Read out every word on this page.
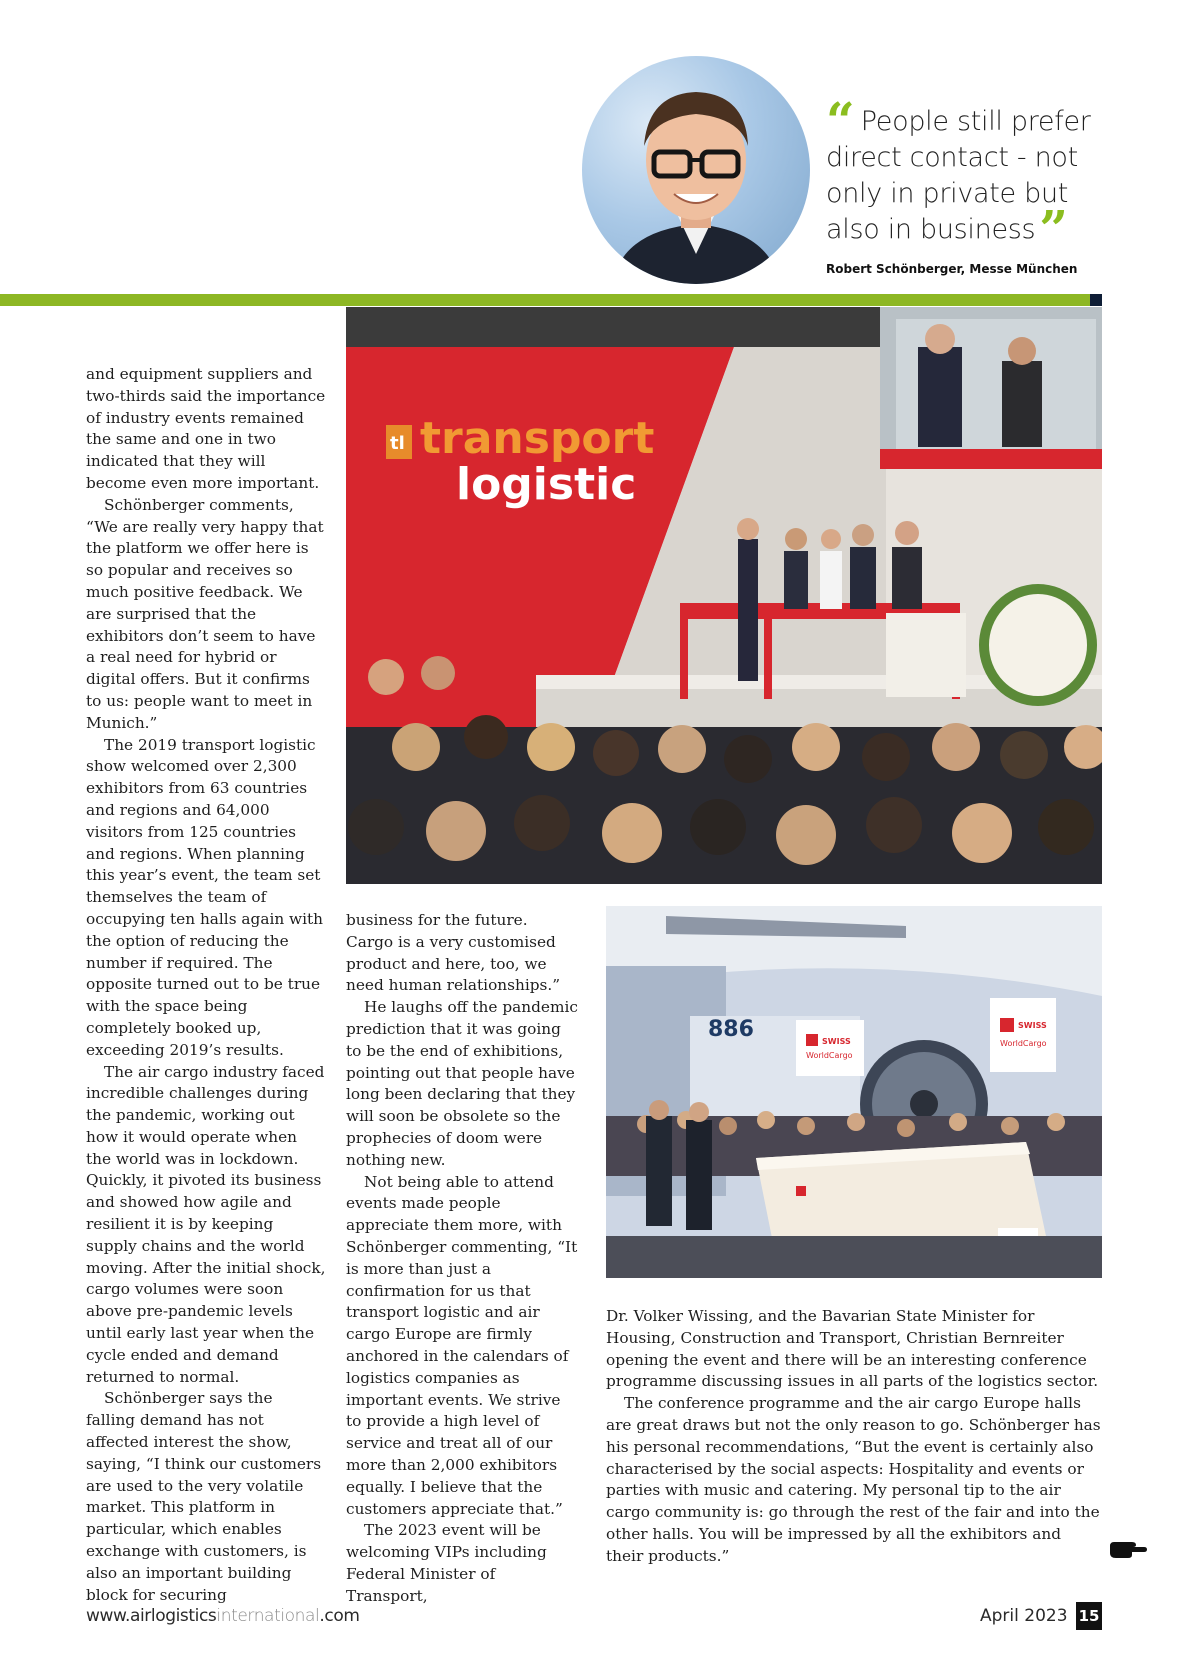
“ People still prefer direct contact - not only in private but also in business”
Robert Schönberger, Messe München
transport
logistic
tl
886	SWISS
WorldCargo
SWISS
WorldCargo

and equipment suppliers and two-thirds said the importance of industry events remained the same and one in two indicated that they will become even more important.

Schönberger comments, “We are really very happy that the platform we offer here is so popular and receives so much positive feedback. We are surprised that the exhibitors don’t seem to have a real need for hybrid or digital offers. But it confirms to us: people want to meet in Munich.”

The 2019 transport logistic show welcomed over 2,300 exhibitors from 63 countries and regions and 64,000 visitors from 125 countries and regions. When planning this year’s event, the team set themselves the team of occupying ten halls again with the option of reducing the number if required. The opposite turned out to be true with the space being completely booked up, exceeding 2019’s results.

The air cargo industry faced incredible challenges during the pandemic, working out how it would operate when the world was in lockdown. Quickly, it pivoted its business and showed how agile and resilient it is by keeping supply chains and the world moving. After the initial shock, cargo volumes were soon above pre-pandemic levels until early last year when the cycle ended and demand returned to normal.

Schönberger says the falling demand has not affected interest the show, saying, “I think our customers are used to the very volatile market. This platform in particular, which enables exchange with customers, is also an important building block for securing

business for the future. Cargo is a very customised product and here, too, we need human relationships.”

He laughs off the pandemic prediction that it was going to be the end of exhibitions, pointing out that people have long been declaring that they will soon be obsolete so the prophecies of doom were nothing new.

Not being able to attend events made people appreciate them more, with Schönberger commenting, “It is more than just a confirmation for us that transport logistic and air cargo Europe are firmly anchored in the calendars of logistics companies as important events. We strive to provide a high level of service and treat all of our more than 2,000 exhibitors equally. I believe that the customers appreciate that.”

The 2023 event will be welcoming VIPs including Federal Minister of Transport,

Dr. Volker Wissing, and the Bavarian State Minister for Housing, Construction and Transport, Christian Bernreiter opening the event and there will be an interesting conference programme discussing issues in all parts of the logistics sector.

The conference programme and the air cargo Europe halls are great draws but not the only reason to go. Schönberger has his personal recommendations, “But the event is certainly also characterised by the social aspects: Hospitality and events or parties with music and catering. My personal tip to the air cargo community is: go through the rest of the fair and into the other halls. You will be impressed by all the exhibitors and their products.”

www.airlogisticsinternational.com	April 2023 15
